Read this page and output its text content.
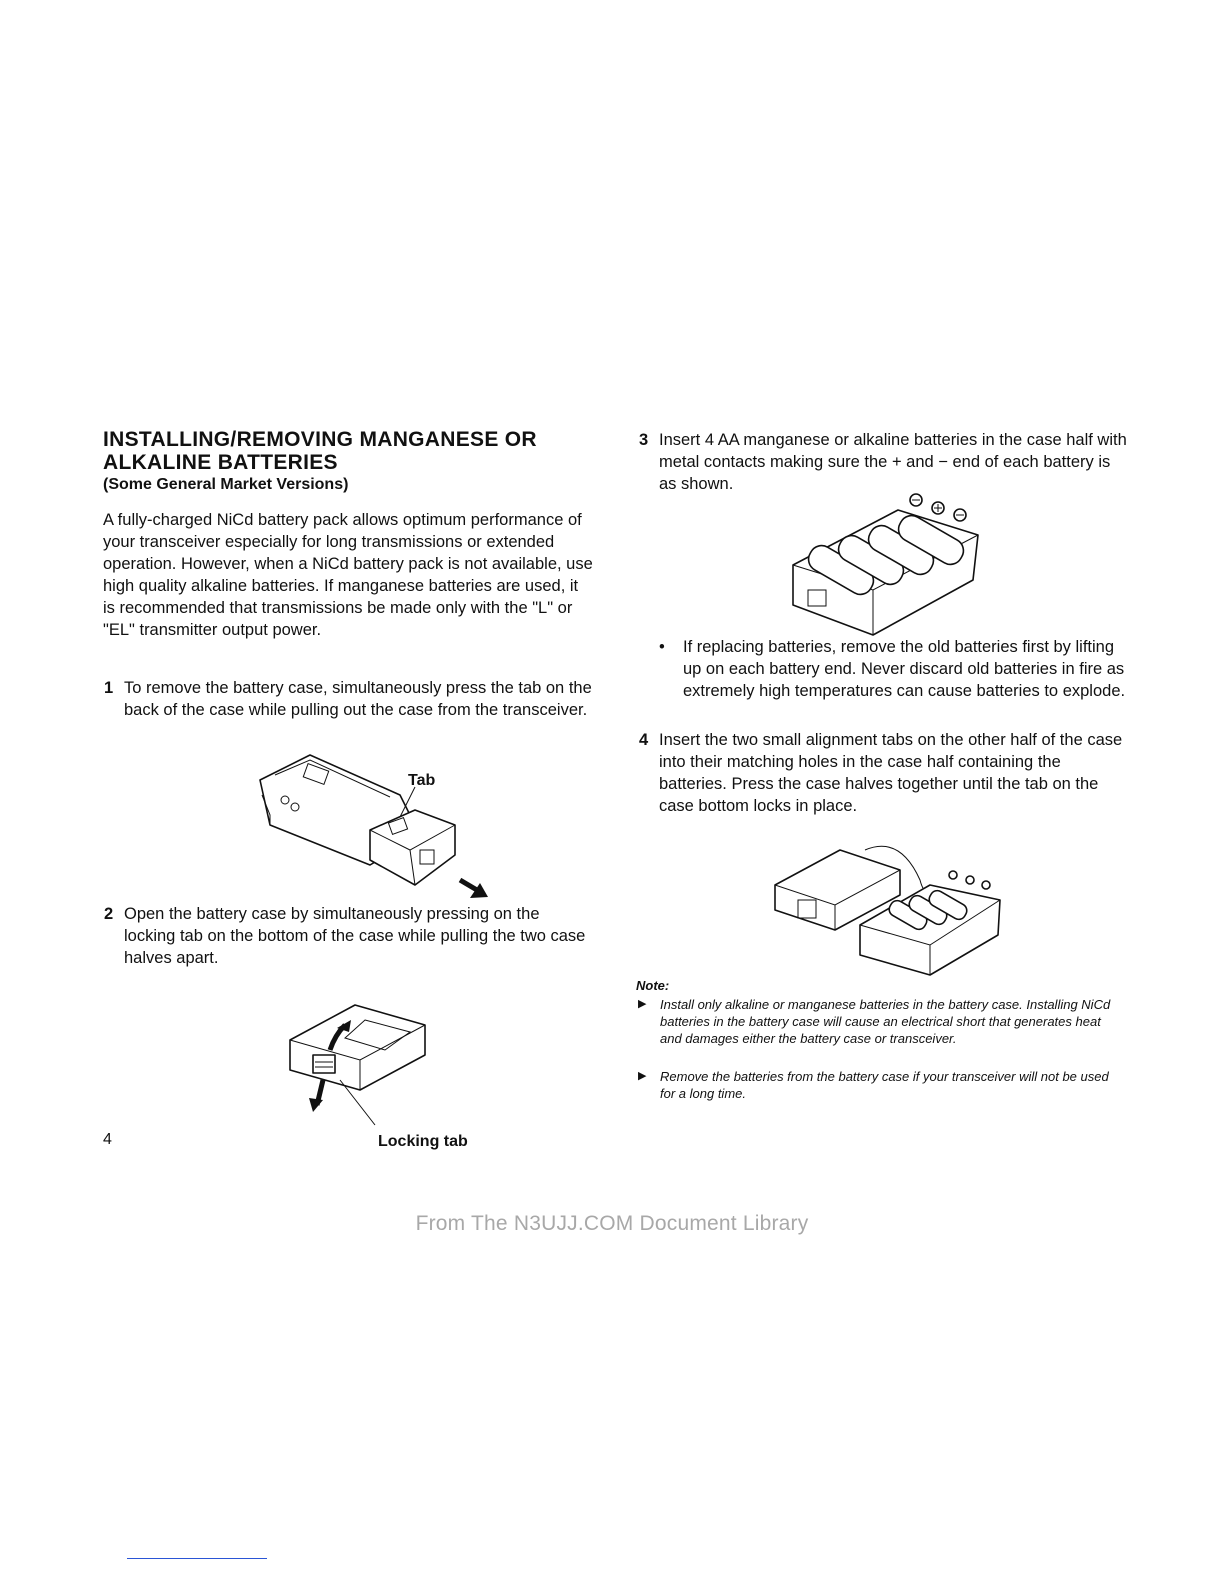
INSTALLING/REMOVING MANGANESE OR
ALKALINE BATTERIES
(Some General Market Versions)
A fully-charged NiCd battery pack allows optimum performance of your transceiver especially for long transmissions or extended operation. However, when a NiCd battery pack is not available, use high quality alkaline batteries. If manganese batteries are used, it is recommended that transmissions be made only with the "L" or "EL" transmitter output power.
1 To remove the battery case, simultaneously press the tab on the back of the case while pulling out the case from the transceiver.
Tab
2 Open the battery case by simultaneously pressing on the locking tab on the bottom of the case while pulling the two case halves apart.
Locking tab
4
3 Insert 4 AA manganese or alkaline batteries in the case half with metal contacts making sure the + and − end of each battery is as shown.
• If replacing batteries, remove the old batteries first by lifting up on each battery end. Never discard old batteries in fire as extremely high temperatures can cause batteries to explode.
4 Insert the two small alignment tabs on the other half of the case into their matching holes in the case half containing the batteries. Press the case halves together until the tab on the case bottom locks in place.
Note:
▶ Install only alkaline or manganese batteries in the battery case. Installing NiCd batteries in the battery case will cause an electrical short that generates heat and damages either the battery case or transceiver.
▶ Remove the batteries from the battery case if your transceiver will not be used for a long time.
From The N3UJJ.COM Document Library
